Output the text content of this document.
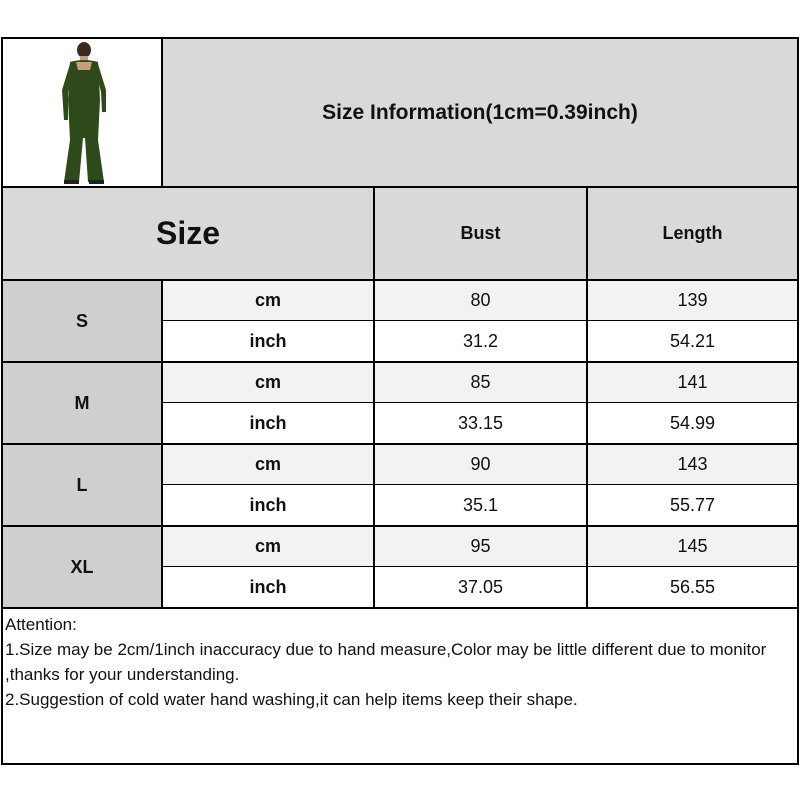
Size Information(1cm=0.39inch)
Size	Bust	Length
S
cm	80	139
inch	31.2	54.21
M
cm	85	141
inch	33.15	54.99
L
cm	90	143
inch	35.1	55.77
XL
cm	95	145
inch	37.05	56.55
Attention:
1.Size may be 2cm/1inch inaccuracy due to hand measure,Color may be little different due to monitor ,thanks for your understanding.
2.Suggestion of cold water hand washing,it can help items keep their shape.
